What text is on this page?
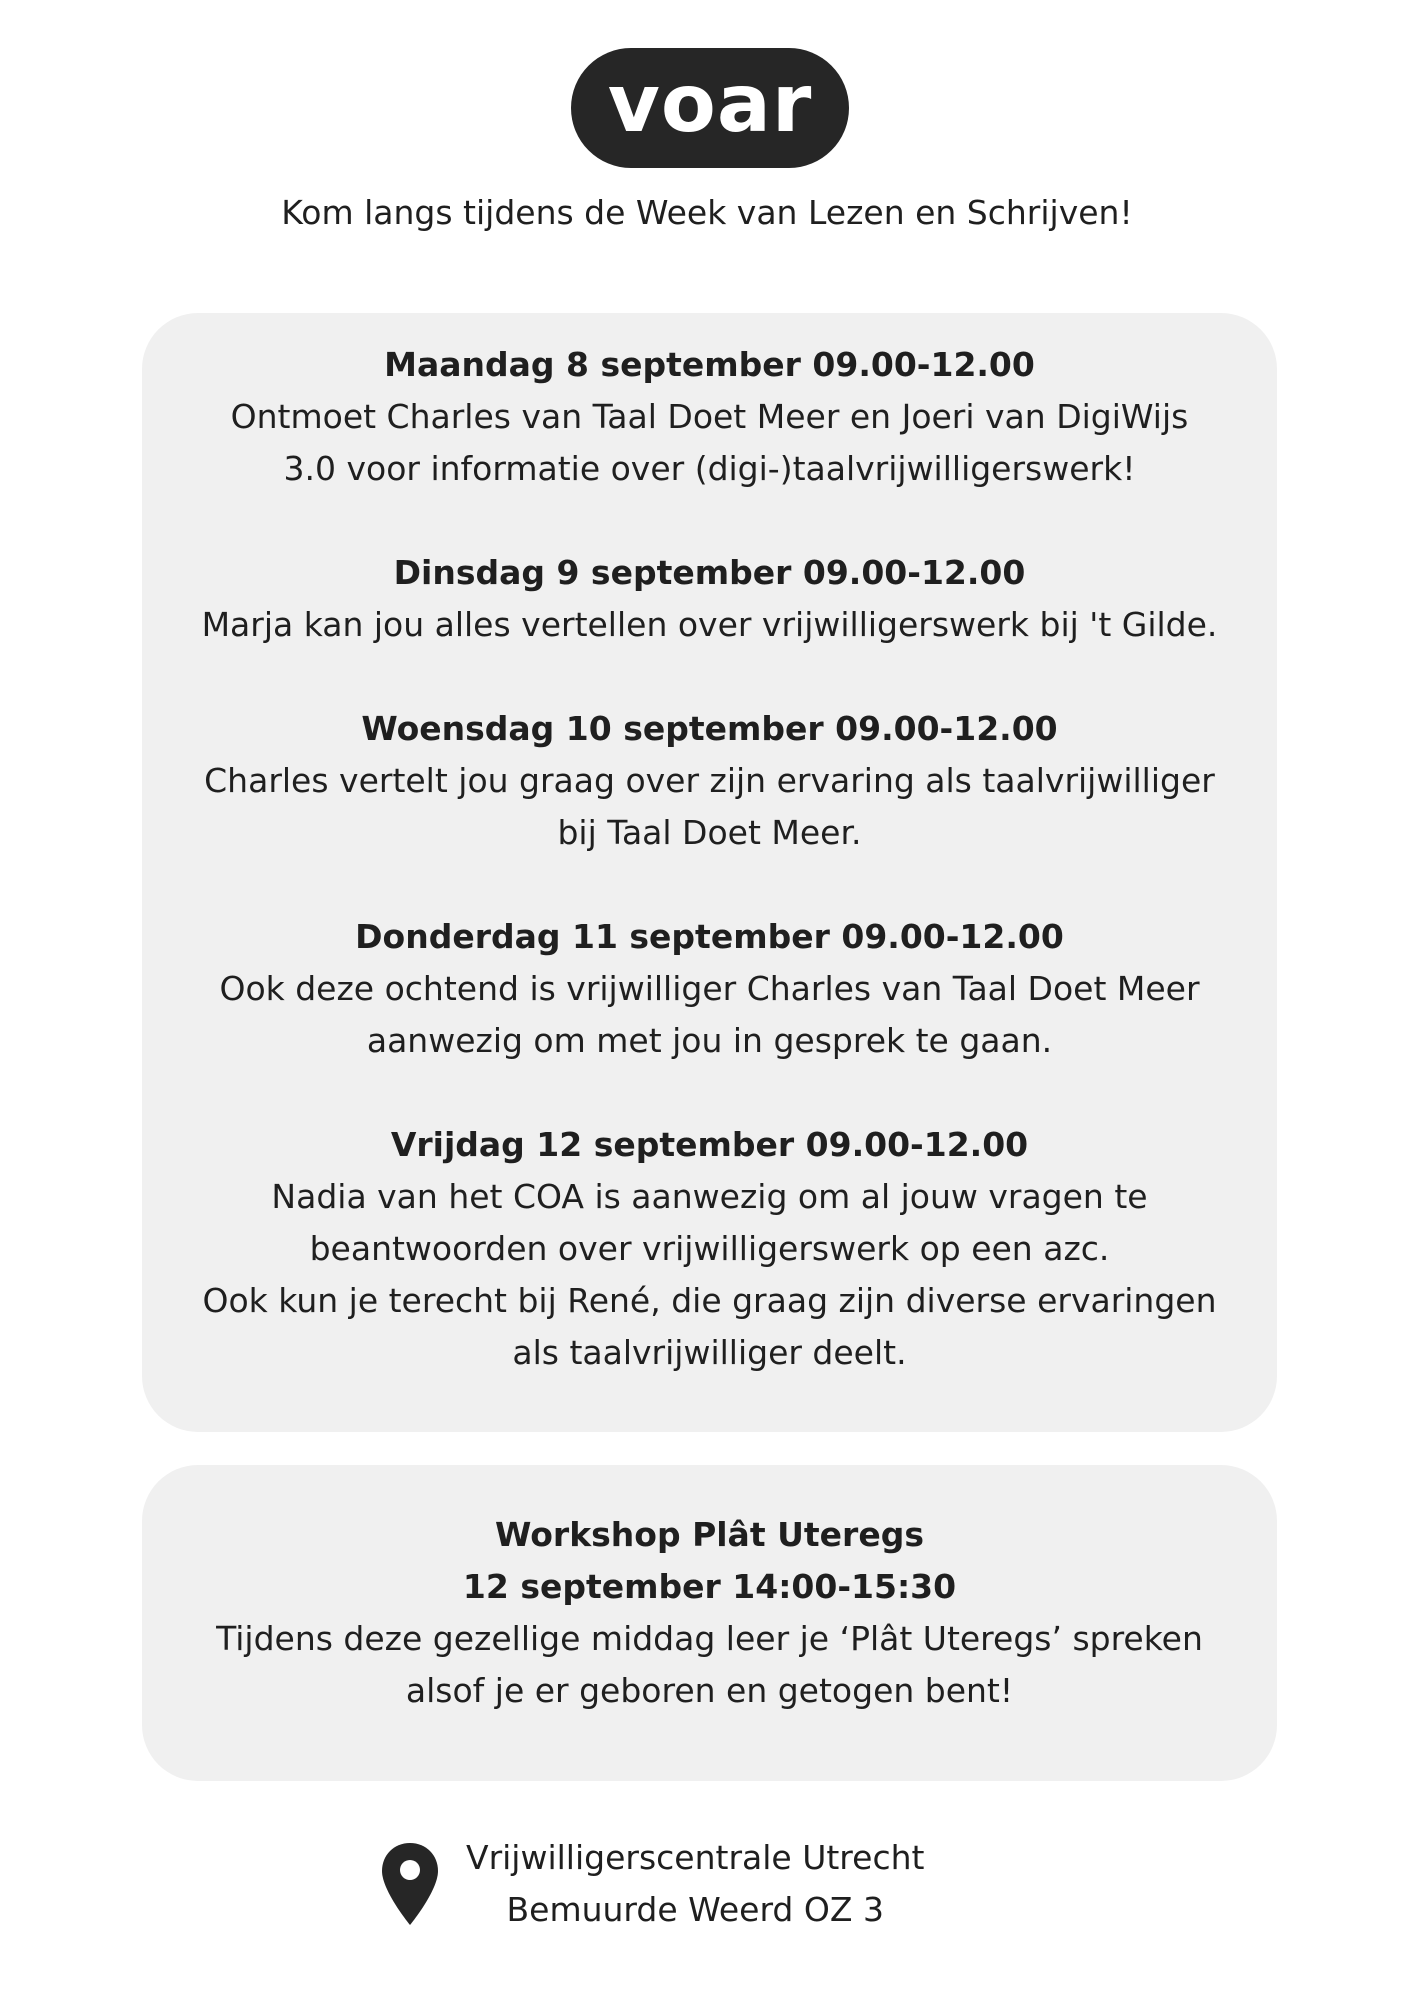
voar
Kom langs tijdens de Week van Lezen en Schrijven!

Maandag 8 september 09.00-12.00

Ontmoet Charles van Taal Doet Meer en Joeri van DigiWijs

3.0 voor informatie over (digi-)taalvrijwilligerswerk!

Dinsdag 9 september 09.00-12.00

Marja kan jou alles vertellen over vrijwilligerswerk bij 't Gilde.

Woensdag 10 september 09.00-12.00

Charles vertelt jou graag over zijn ervaring als taalvrijwilliger

bij Taal Doet Meer.

Donderdag 11 september 09.00-12.00

Ook deze ochtend is vrijwilliger Charles van Taal Doet Meer

aanwezig om met jou in gesprek te gaan.

Vrijdag 12 september 09.00-12.00

Nadia van het COA is aanwezig om al jouw vragen te

beantwoorden over vrijwilligerswerk op een azc.

Ook kun je terecht bij René, die graag zijn diverse ervaringen

als taalvrijwilliger deelt.

Workshop Plât Uteregs

12 september 14:00-15:30

Tijdens deze gezellige middag leer je ‘Plât Uteregs’ spreken

alsof je er geboren en getogen bent!

Vrijwilligerscentrale Utrecht
Bemuurde Weerd OZ 3
